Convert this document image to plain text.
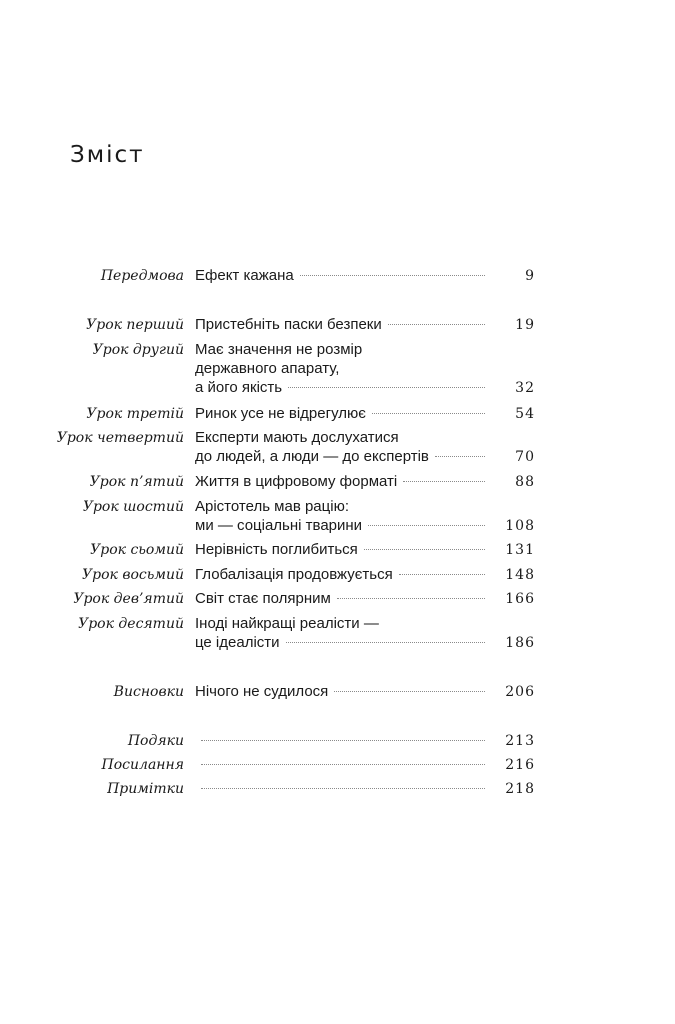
Зміст
Передмова Ефект кажана	9
Урок перший Пристебніть паски безпеки	19
Урок другий Має значення не розмір
державного апарату,
а його якість	32
Урок третій Ринок усе не відрегулює	54
Урок четвертий Експерти мають дослухатися
до людей, а люди — до експертів	70
Урок п’ятий Життя в цифровому форматі	88
Урок шостий Арістотель мав рацію:
ми — соціальні тварини	108
Урок сьомий Нерівність поглибиться	131
Урок восьмий Глобалізація продовжується	148
Урок дев’ятий Світ стає полярним	166
Урок десятий Іноді найкращі реалісти —
це ідеалісти	186
Висновки Нічого не судилося	206
Подяки	213
Посилання	216
Примітки	218
